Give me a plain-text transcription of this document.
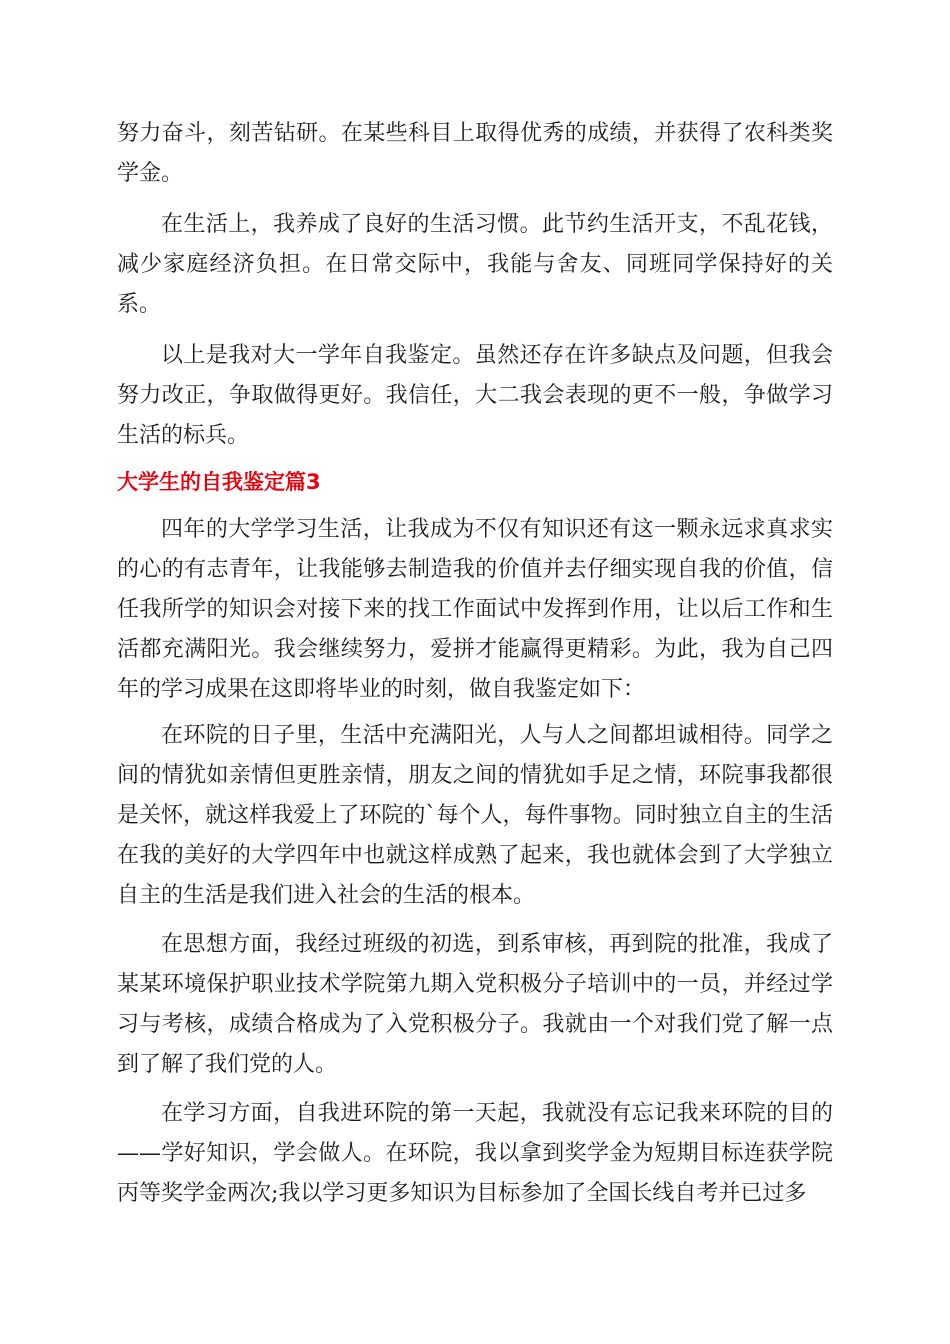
努力奋斗，刻苦钻研。在某些科目上取得优秀的成绩，并获得了农科类奖学金。
在生活上，我养成了良好的生活习惯。此节约生活开支，不乱花钱，减少家庭经济负担。在日常交际中，我能与舍友、同班同学保持好的关系。
以上是我对大一学年自我鉴定。虽然还存在许多缺点及问题，但我会努力改正，争取做得更好。我信任，大二我会表现的更不一般，争做学习生活的标兵。
大学生的自我鉴定篇3
四年的大学学习生活，让我成为不仅有知识还有这一颗永远求真求实的心的有志青年，让我能够去制造我的价值并去仔细实现自我的价值，信任我所学的知识会对接下来的找工作面试中发挥到作用，让以后工作和生活都充满阳光。我会继续努力，爱拼才能赢得更精彩。为此，我为自己四年的学习成果在这即将毕业的时刻，做自我鉴定如下：
在环院的日子里，生活中充满阳光，人与人之间都坦诚相待。同学之间的情犹如亲情但更胜亲情，朋友之间的情犹如手足之情，环院事我都很是关怀，就这样我爱上了环院的`每个人，每件事物。同时独立自主的生活在我的美好的大学四年中也就这样成熟了起来，我也就体会到了大学独立自主的生活是我们进入社会的生活的根本。
在思想方面，我经过班级的初选，到系审核，再到院的批准，我成了某某环境保护职业技术学院第九期入党积极分子培训中的一员，并经过学习与考核，成绩合格成为了入党积极分子。我就由一个对我们党了解一点到了解了我们党的人。
在学习方面，自我进环院的第一天起，我就没有忘记我来环院的目的——学好知识，学会做人。在环院，我以拿到奖学金为短期目标连获学院丙等奖学金两次;我以学习更多知识为目标参加了全国长线自考并已过多
